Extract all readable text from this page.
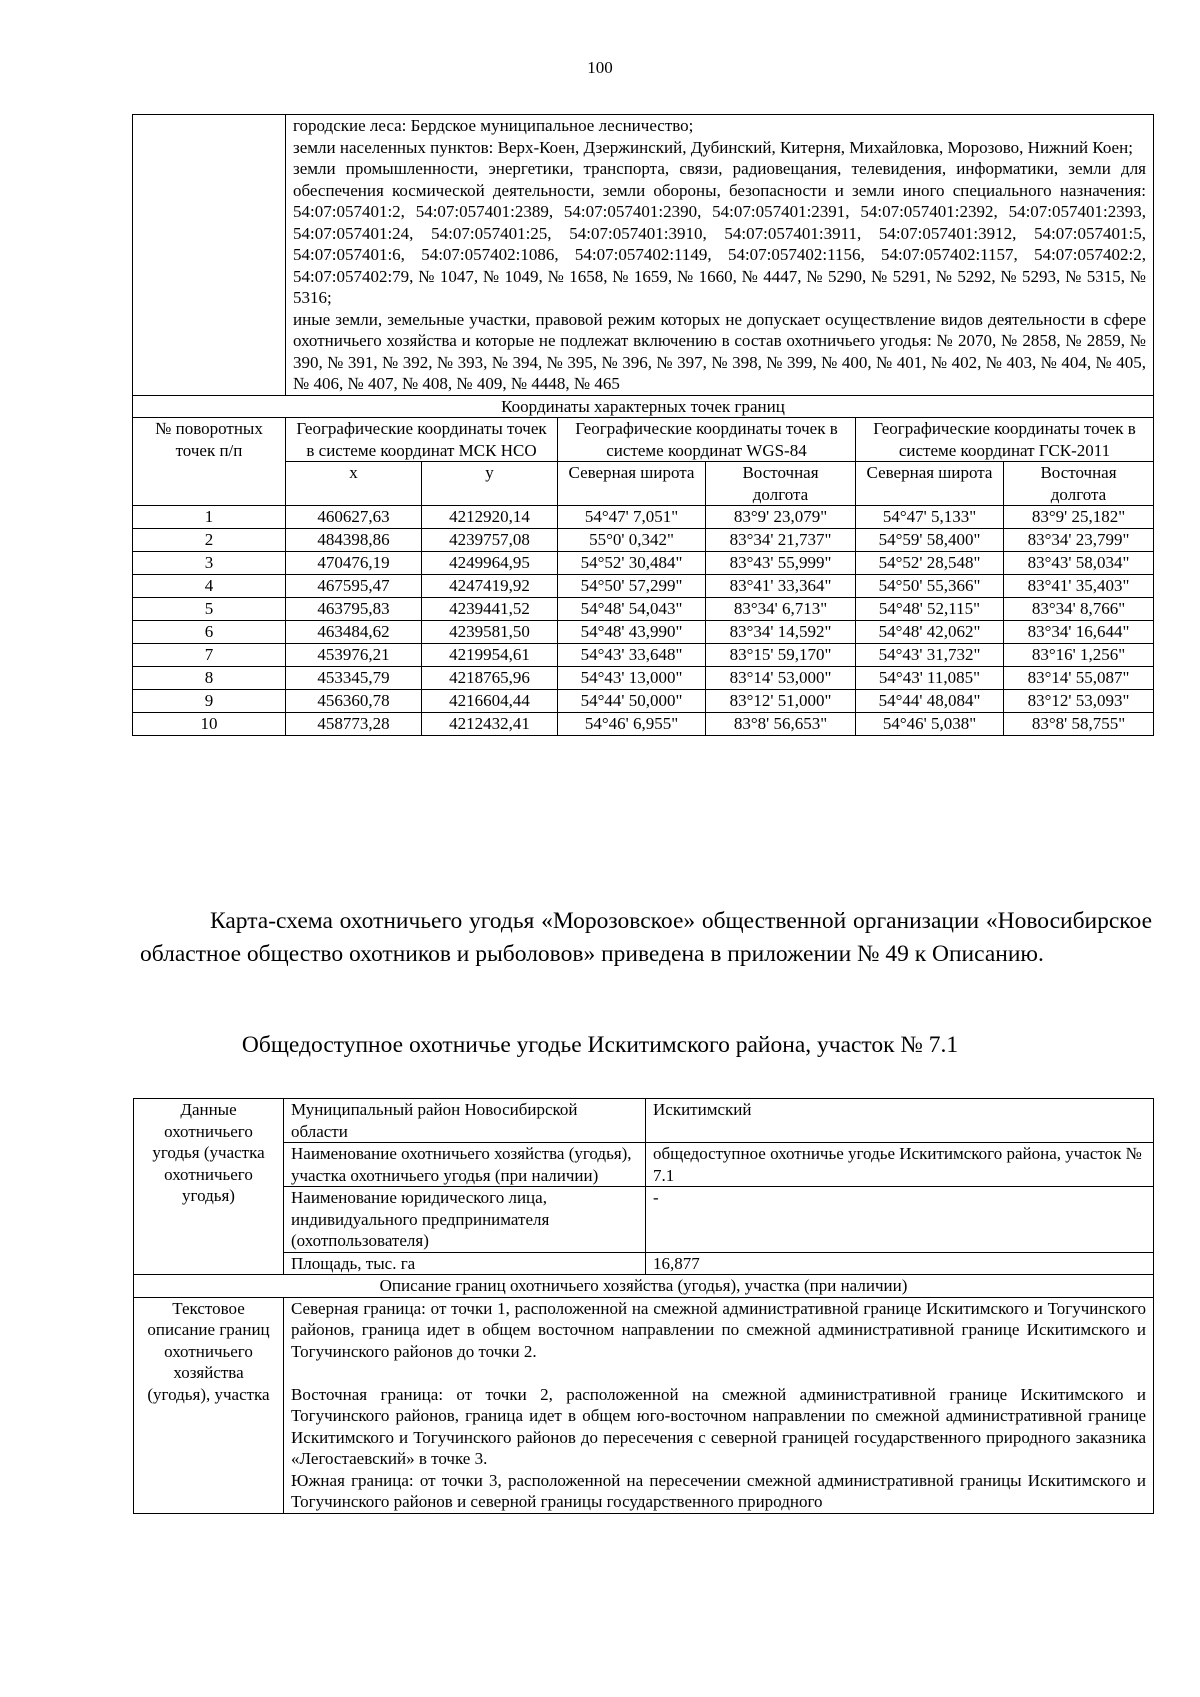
100

	городские леса: Бердское муниципальное лесничество;
земли населенных пунктов: Верх-Коен, Дзержинский, Дубинский, Китерня, Михайловка, Морозово, Нижний Коен;
земли промышленности, энергетики, транспорта, связи, радиовещания, телевидения, информатики, земли для обеспечения космической деятельности, земли обороны, безопасности и земли иного специального назначения: 54:07:057401:2, 54:07:057401:2389, 54:07:057401:2390, 54:07:057401:2391, 54:07:057401:2392, 54:07:057401:2393, 54:07:057401:24, 54:07:057401:25, 54:07:057401:3910, 54:07:057401:3911, 54:07:057401:3912, 54:07:057401:5, 54:07:057401:6, 54:07:057402:1086, 54:07:057402:1149, 54:07:057402:1156, 54:07:057402:1157, 54:07:057402:2, 54:07:057402:79, № 1047, № 1049, № 1658, № 1659, № 1660, № 4447, № 5290, № 5291, № 5292, № 5293, № 5315, № 5316;
иные земли, земельные участки, правовой режим которых не допускает осуществление видов деятельности в сфере охотничьего хозяйства и которые не подлежат включению в состав охотничьего угодья: № 2070, № 2858, № 2859, № 390, № 391, № 392, № 393, № 394, № 395, № 396, № 397, № 398, № 399, № 400, № 401, № 402, № 403, № 404, № 405, № 406, № 407, № 408, № 409, № 4448, № 465					

Координаты характерных точек границ						
№ поворотных точек п/п	Географические координаты точек в системе координат МСК НСО		Географические координаты точек в системе координат WGS-84		Географические координаты точек в системе координат ГСК-2011	
	x	y	Северная широта	Восточная долгота	Северная широта	Восточная долгота
1	460627,63	4212920,14	54°47' 7,051"	83°9' 23,079"	54°47' 5,133"	83°9' 25,182"
2	484398,86	4239757,08	55°0' 0,342"	83°34' 21,737"	54°59' 58,400"	83°34' 23,799"
3	470476,19	4249964,95	54°52' 30,484"	83°43' 55,999"	54°52' 28,548"	83°43' 58,034"
4	467595,47	4247419,92	54°50' 57,299"	83°41' 33,364"	54°50' 55,366"	83°41' 35,403"
5	463795,83	4239441,52	54°48' 54,043"	83°34' 6,713"	54°48' 52,115"	83°34' 8,766"
6	463484,62	4239581,50	54°48' 43,990"	83°34' 14,592"	54°48' 42,062"	83°34' 16,644"
7	453976,21	4219954,61	54°43' 33,648"	83°15' 59,170"	54°43' 31,732"	83°16' 1,256"
8	453345,79	4218765,96	54°43' 13,000"	83°14' 53,000"	54°43' 11,085"	83°14' 55,087"
9	456360,78	4216604,44	54°44' 50,000"	83°12' 51,000"	54°44' 48,084"	83°12' 53,093"
10	458773,28	4212432,41	54°46' 6,955"	83°8' 56,653"	54°46' 5,038"	83°8' 58,755"
Карта-схема охотничьего угодья «Морозовское» общественной организации «Новосибирское областное общество охотников и рыболовов» приведена в приложении № 49 к Описанию.
Общедоступное охотничье угодье Искитимского района, участок № 7.1
Данные охотничьего угодья (участка охотничьего угодья)	Муниципальный район Новосибирской области	Искитимский
	Наименование охотничьего хозяйства (угодья), участка охотничьего угодья (при наличии)	общедоступное охотничье угодье Искитимского района, участок № 7.1
	Наименование юридического лица, индивидуального предпринимателя (охотпользователя)	-
	Площадь, тыс. га	16,877
Описание границ охотничьего хозяйства (угодья), участка (при наличии)		
Текстовое описание границ охотничьего хозяйства (угодья), участка	Северная граница: от точки 1, расположенной на смежной административной границе Искитимского и Тогучинского районов, граница идет в общем восточном направлении по смежной административной границе Искитимского и Тогучинского районов до точки 2.
Восточная граница: от точки 2, расположенной на смежной административной границе Искитимского и Тогучинского районов, граница идет в общем юго-восточном направлении по смежной административной границе Искитимского и Тогучинского районов до пересечения с северной границей государственного природного заказника «Легостаевский» в точке 3.
Южная граница: от точки 3, расположенной на пересечении смежной административной границы Искитимского и Тогучинского районов и северной границы государственного природного	
